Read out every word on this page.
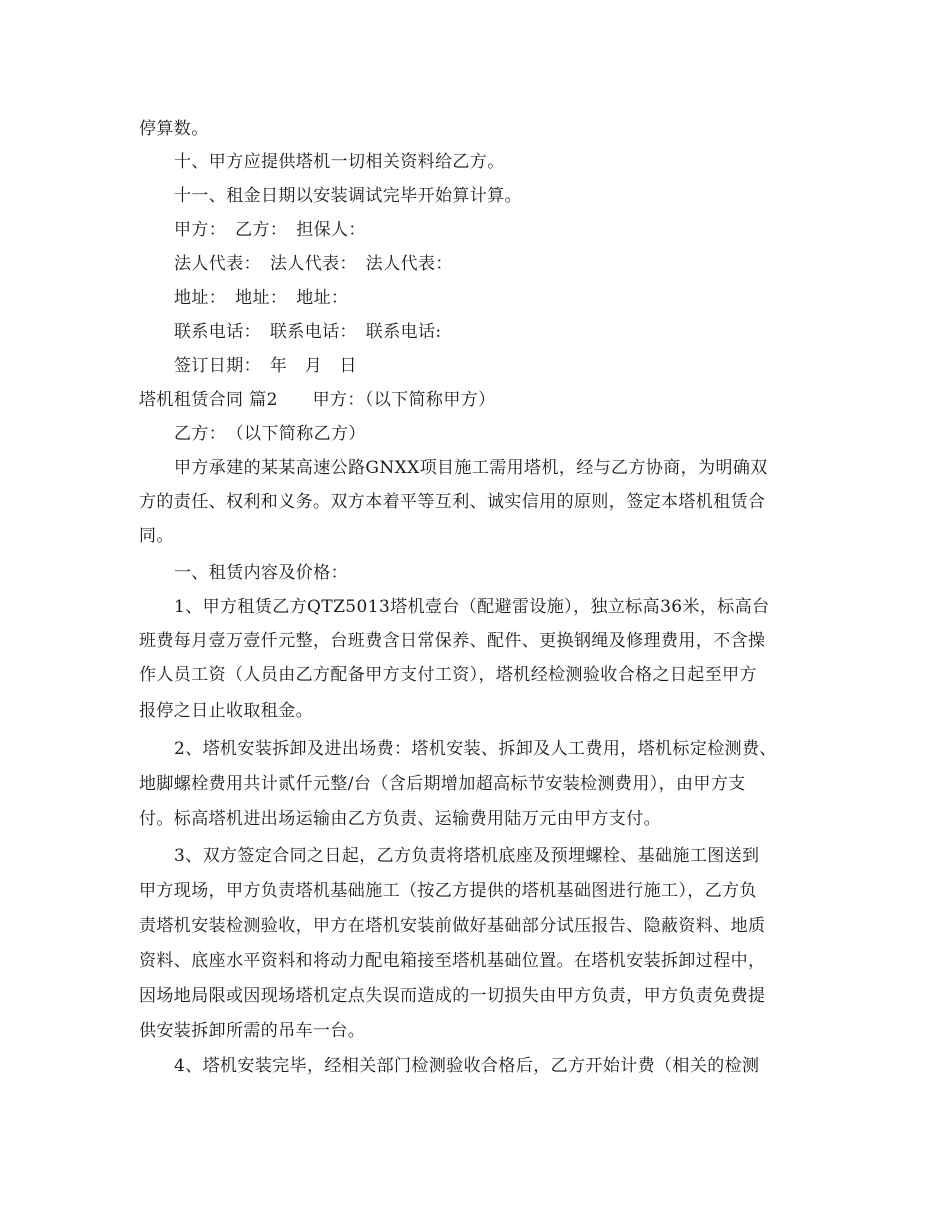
停算数。
十、甲方应提供塔机一切相关资料给乙方。
十一、租金日期以安装调试完毕开始算计算。
甲方：　乙方：　担保人：
法人代表：　法人代表：　法人代表：
地址：　地址：　地址：
联系电话：　联系电话：　联系电话:
签订日期：　年　月　日
塔机租赁合同 篇2　　甲方：（以下简称甲方）
乙方：　（以下简称乙方）
甲方承建的某某高速公路GNXX项目施工需用塔机，经与乙方协商，为明确双
方的责任、权利和义务。双方本着平等互利、诚实信用的原则，签定本塔机租赁合
同。
一、租赁内容及价格：
1、甲方租赁乙方QTZ5013塔机壹台（配避雷设施），独立标高36米，标高台
班费每月壹万壹仟元整，台班费含日常保养、配件、更换钢绳及修理费用，不含操
作人员工资（人员由乙方配备甲方支付工资），塔机经检测验收合格之日起至甲方
报停之日止收取租金。
2、塔机安装拆卸及进出场费：塔机安装、拆卸及人工费用，塔机标定检测费、
地脚螺栓费用共计贰仟元整/台（含后期增加超高标节安装检测费用），由甲方支
付。标高塔机进出场运输由乙方负责、运输费用陆万元由甲方支付。
3、双方签定合同之日起，乙方负责将塔机底座及预埋螺栓、基础施工图送到
甲方现场，甲方负责塔机基础施工（按乙方提供的塔机基础图进行施工），乙方负
责塔机安装检测验收，甲方在塔机安装前做好基础部分试压报告、隐蔽资料、地质
资料、底座水平资料和将动力配电箱接至塔机基础位置。在塔机安装拆卸过程中，
因场地局限或因现场塔机定点失误而造成的一切损失由甲方负责，甲方负责免费提
供安装拆卸所需的吊车一台。
4、塔机安装完毕，经相关部门检测验收合格后，乙方开始计费（相关的检测
